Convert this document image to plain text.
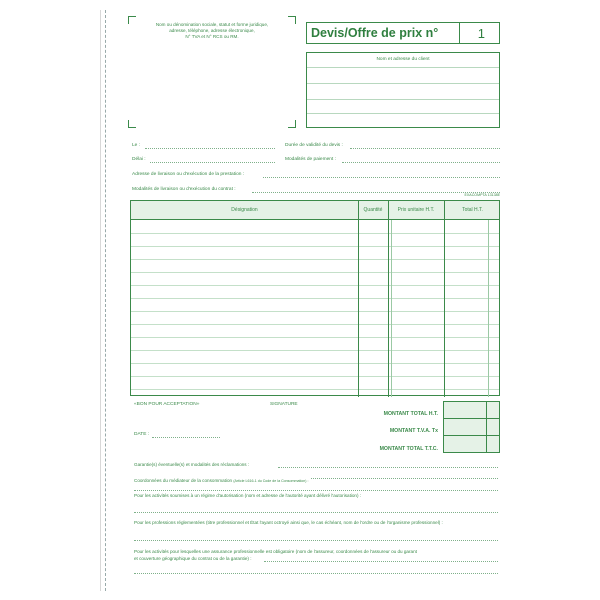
Nom ou dénomination sociale, statut et forme juridique,
adresse, téléphone, adresse électronique,
N° TVA et N° RCS ou RM.	Devis/Offre de prix n°	1
Nom et adresse du client
Le :	Durée de validité du devis :
Délai :	Modalités de paiement :
Adresse de livraison ou d'exécution de la prestation :
Modalités de livraison ou d'exécution du contrat :
EXACOMPTA 13138E
Désignation	Quantité	Prix unitaire H.T.	Total H.T.
«BON POUR ACCEPTATION»	SIGNATURE
DATE :
MONTANT TOTAL H.T.
MONTANT T.V.A. Tx
MONTANT TOTAL T.T.C.
Garantie(s) éventuelle(s) et modalités des réclamations :
Coordonnées du médiateur de la consommation (Article L616-1 du Code de la Consommation) :
Pour les activités soumises à un régime d'autorisation (nom et adresse de l'autorité ayant délivré l'autorisation) :
Pour les professions réglementées (titre professionnel et État l'ayant octroyé ainsi que, le cas échéant, nom de l'ordre ou de l'organisme professionnel) :
Pour les activités pour lesquelles une assurance professionnelle est obligatoire (nom de l'assureur, coordonnées de l'assureur ou du garant
et couverture géographique du contrat ou de la garantie) :
